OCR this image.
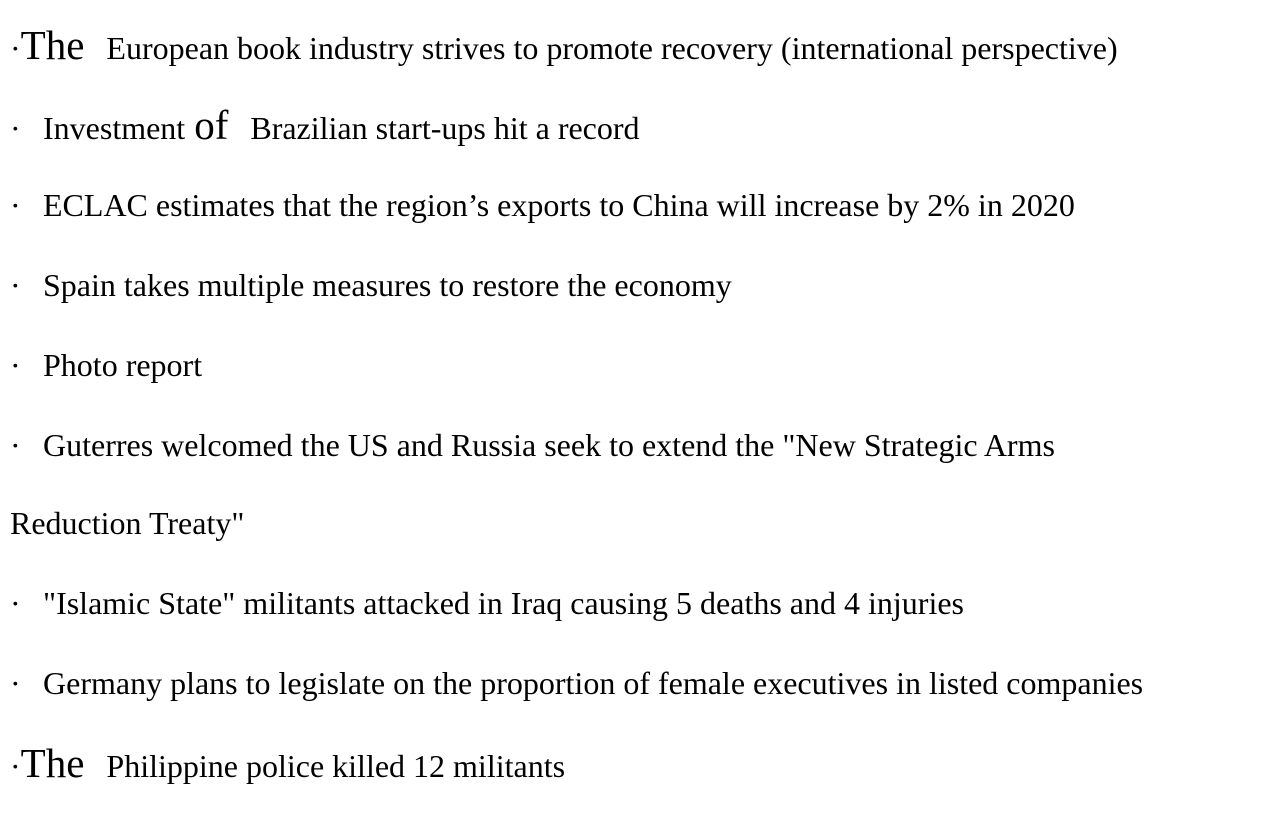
·The European book industry strives to promote recovery (international perspective)
· Investment of Brazilian start-ups hit a record
· ECLAC estimates that the region’s exports to China will increase by 2% in 2020
· Spain takes multiple measures to restore the economy
· Photo report
· Guterres welcomed the US and Russia seek to extend the "New Strategic Arms
Reduction Treaty"
· "Islamic State" militants attacked in Iraq causing 5 deaths and 4 injuries
· Germany plans to legislate on the proportion of female executives in listed companies
·The Philippine police killed 12 militants
